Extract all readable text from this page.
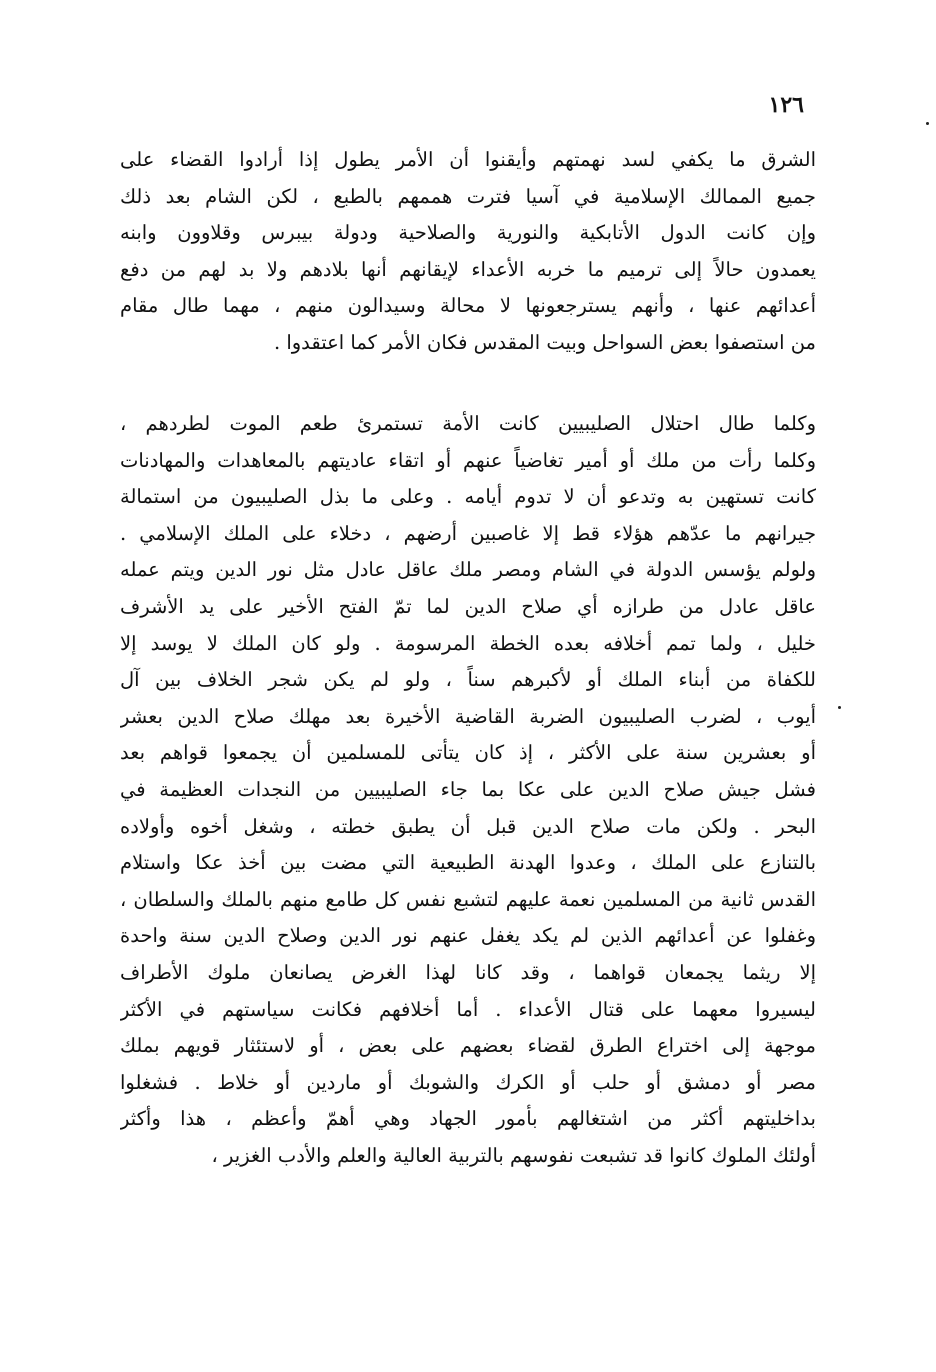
١٢٦
الشرق ما يكفي لسد نهمتهم وأيقنوا أن الأمر يطول إذا أرادوا القضاء على
جميع الممالك الإسلامية في آسيا فترت هممهم بالطبع ، لكن الشام بعد ذلك
وإن كانت الدول الأتابكية والنورية والصلاحية ودولة بيبرس وقلاوون وابنه
يعمدون حالاً إلى ترميم ما خربه الأعداء لإيقانهم أنها بلادهم ولا بد لهم من دفع
أعدائهم عنها ، وأنهم يسترجعونها لا محالة وسيدالون منهم ، مهما طال مقام
من استصفوا بعض السواحل وبيت المقدس فكان الأمر كما اعتقدوا .
وكلما طال احتلال الصليبيين كانت الأمة تستمرئ طعم الموت لطردهم ،
وكلما رأت من ملك أو أمير تغاضياً عنهم أو اتقاء عاديتهم بالمعاهدات والمهادنات
كانت تستهين به وتدعو أن لا تدوم أيامه . وعلى ما بذل الصليبيون من استمالة
جيرانهم ما عدّهم هؤلاء قط إلا غاصبين أرضهم ، دخلاء على الملك الإسلامي .
ولولم يؤسس الدولة في الشام ومصر ملك عاقل عادل مثل نور الدين ويتم عمله
عاقل عادل من طرازه أي صلاح الدين لما تمّ الفتح الأخير على يد الأشرف
خليل ، ولما تمم أخلافه بعده الخطة المرسومة . ولو كان الملك لا يوسد إلا
للكفاة من أبناء الملك أو لأكبرهم سناً ، ولو لم يكن شجر الخلاف بين آل
أيوب ، لضرب الصليبيون الضربة القاضية الأخيرة بعد مهلك صلاح الدين بعشر
أو بعشرين سنة على الأكثر ، إذ كان يتأتى للمسلمين أن يجمعوا قواهم بعد
فشل جيش صلاح الدين على عكا بما جاء الصليبيين من النجدات العظيمة في
البحر . ولكن مات صلاح الدين قبل أن يطبق خطته ، وشغل أخوه وأولاده
بالتنازع على الملك ، وعدوا الهدنة الطبيعية التي مضت بين أخذ عكا واستلام
القدس ثانية من المسلمين نعمة عليهم لتشبع نفس كل طامع منهم بالملك والسلطان ،
وغفلوا عن أعدائهم الذين لم يكد يغفل عنهم نور الدين وصلاح الدين سنة واحدة
إلا ريثما يجمعان قواهما ، وقد كانا لهذا الغرض يصانعان ملوك الأطراف
ليسيروا معهما على قتال الأعداء . أما أخلافهم فكانت سياستهم في الأكثر
موجهة إلى اختراع الطرق لقضاء بعضهم على بعض ، أو لاستئثار قويهم بملك
مصر أو دمشق أو حلب أو الكرك والشوبك أو ماردين أو خلاط . فشغلوا
بداخليتهم أكثر من اشتغالهم بأمور الجهاد وهي أهمّ وأعظم ، هذا وأكثر
أولئك الملوك كانوا قد تشبعت نفوسهم بالتربية العالية والعلم والأدب الغزير ،
